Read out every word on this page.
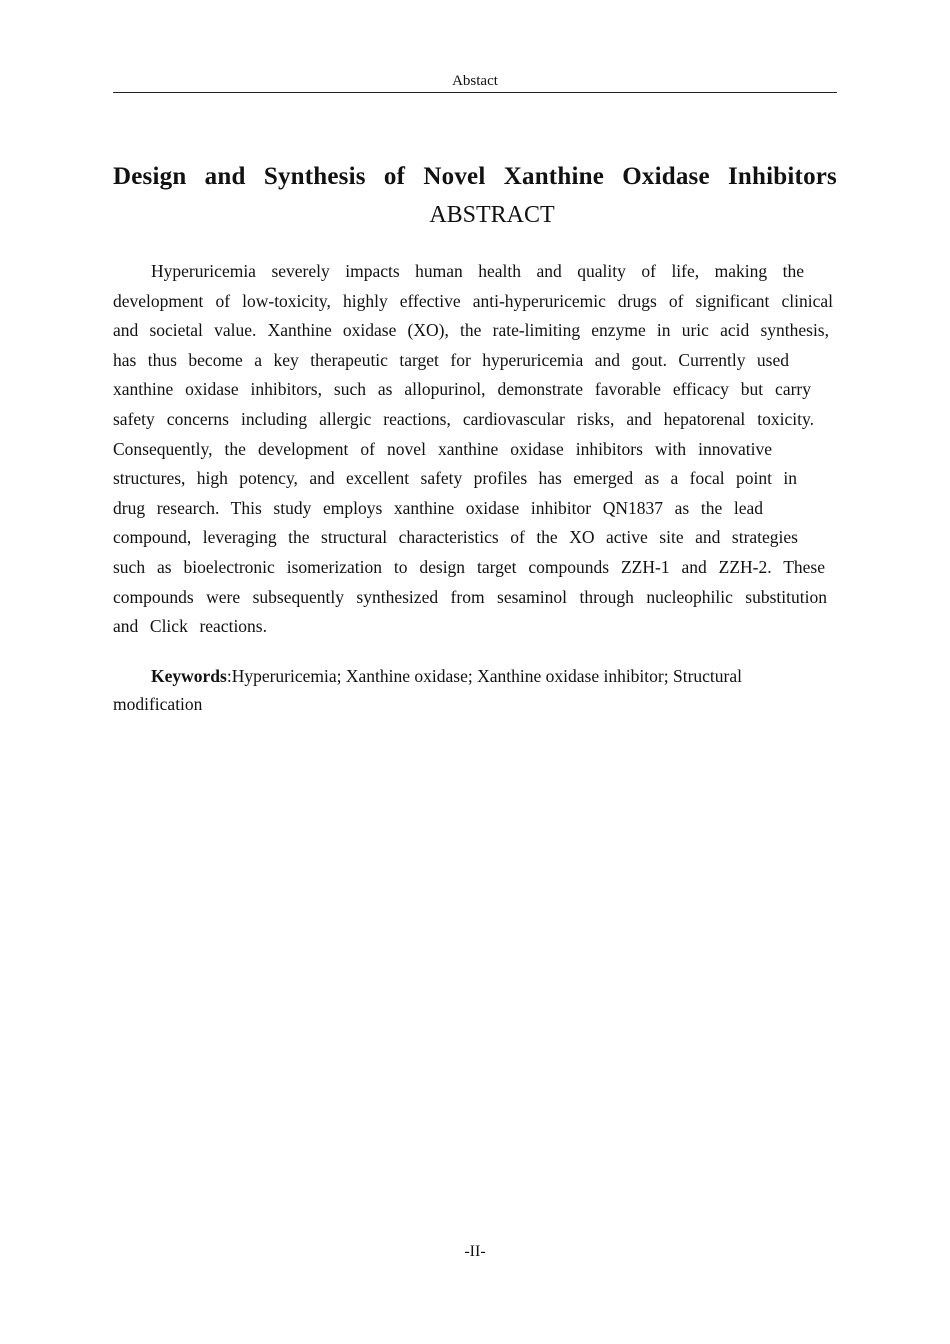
Abstact
Design and Synthesis of Novel Xanthine Oxidase Inhibitors
ABSTRACT
Hyperuricemia severely impacts human health and quality of life, making the
development of low-toxicity, highly effective anti-hyperuricemic drugs of significant clinical
and societal value. Xanthine oxidase (XO), the rate-limiting enzyme in uric acid synthesis,
has thus become a key therapeutic target for hyperuricemia and gout. Currently used
xanthine oxidase inhibitors, such as allopurinol, demonstrate favorable efficacy but carry
safety concerns including allergic reactions, cardiovascular risks, and hepatorenal toxicity.
Consequently, the development of novel xanthine oxidase inhibitors with innovative
structures, high potency, and excellent safety profiles has emerged as a focal point in
drug research. This study employs xanthine oxidase inhibitor QN1837 as the lead
compound, leveraging the structural characteristics of the XO active site and strategies
such as bioelectronic isomerization to design target compounds ZZH-1 and ZZH-2. These
compounds were subsequently synthesized from sesaminol through nucleophilic substitution
and Click reactions.
Keywords:Hyperuricemia; Xanthine oxidase; Xanthine oxidase inhibitor; Structural
modification
-II-
